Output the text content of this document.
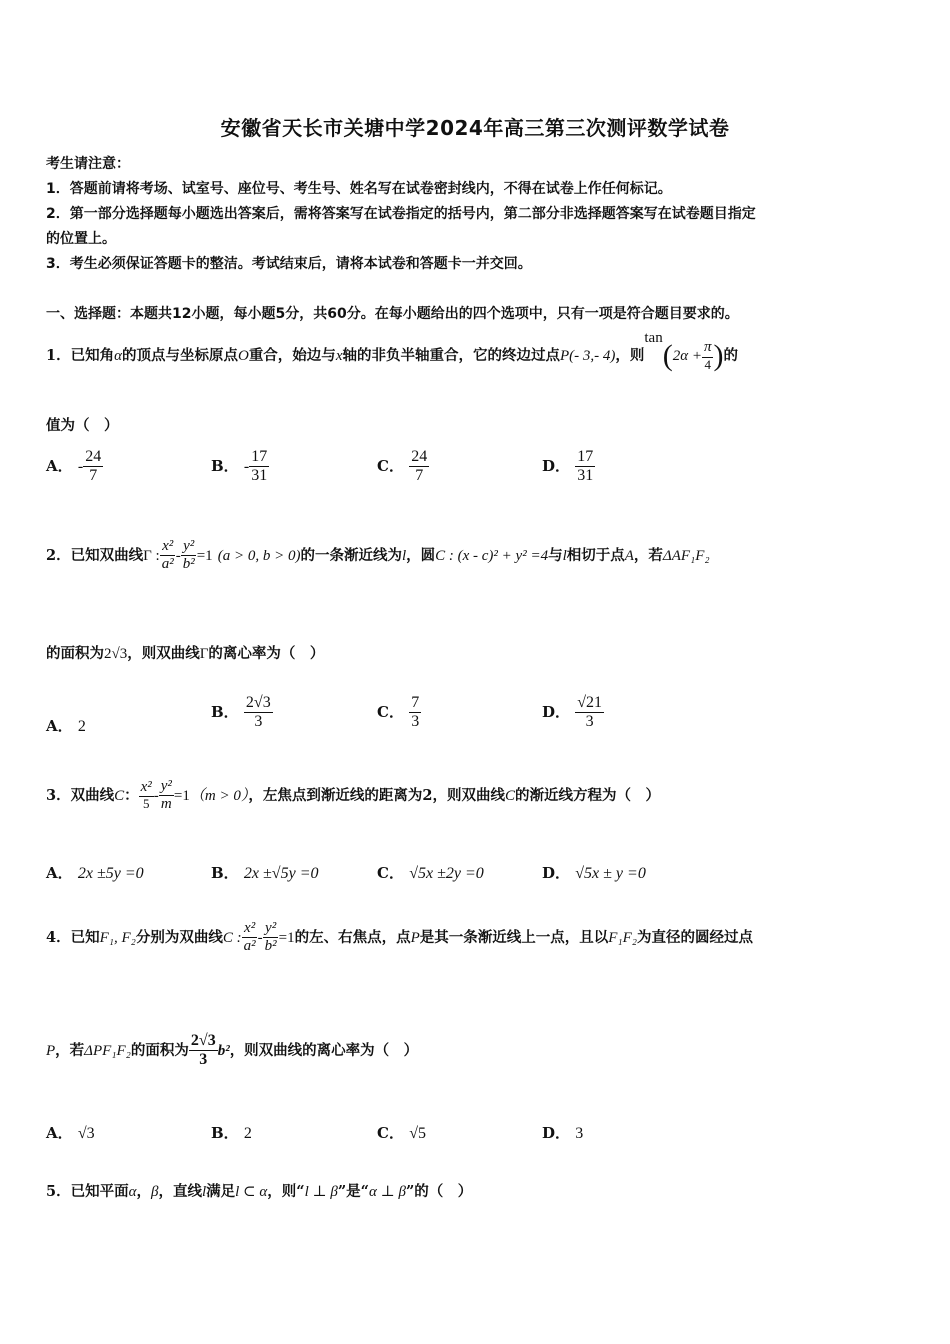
安徽省天长市关塘中学2024年高三第三次测评数学试卷
考生请注意：
1．答题前请将考场、试室号、座位号、考生号、姓名写在试卷密封线内，不得在试卷上作任何标记。
2．第一部分选择题每小题选出答案后，需将答案写在试卷指定的括号内，第二部分非选择题答案写在试卷题目指定
的位置上。
3．考生必须保证答题卡的整洁。考试结束后，请将本试卷和答题卡一并交回。
一、选择题：本题共12小题，每小题5分，共60分。在每小题给出的四个选项中，只有一项是符合题目要求的。
1．已知角α的顶点与坐标原点O重合，始边与x轴的非负半轴重合，它的终边过点P(- 3,- 4)，则$\tan(2\alpha + \frac{\pi}{4}$ )的
值为（　）
A． - $\frac{24}{7}$	B． - $\frac{17}{31}$	C． $\frac{24}{7}$	D． $\frac{17}{31}$
2．已知双曲线Γ : $\frac{\text{x²}}{\text{a²}} - \frac{\text{y²}}{\text{b²}} =1$ (a > 0, b > 0)的一条渐近线为l，圆C : (x - c)² + y² =4与l相切于点A，若ΔAF₁F₂
的面积为2√3，则双曲线Γ的离心率为（　）
A． 2
B． $\frac{2√3}{3}$	C． $\frac{7}{3}$	D． $\frac{√21}{3}$
3．双曲线C： $\frac{\text{x²}}{5} - \frac{\text{y²}}{m} =1(m > 0)$，左焦点到渐近线的距离为2，则双曲线C的渐近线方程为（　）
A． 2x ±5y =0	B． 2x ±√5y =0	C． √5x ±2y =0	D． √5x ± y =0
4．已知F₁, F₂分别为双曲线C : $\frac{\text{x²}}{\text{a²}} - \frac{\text{y²}}{\text{b²}} =1$的左、右焦点，点P是其一条渐近线上一点，且以F₁F₂为直径的圆经过点
P，若ΔPF₁F₂的面积为 $\frac{2√3}{3} b^2$，则双曲线的离心率为（　）
A． √3	B． 2	C． √5	D． 3
5．已知平面α，β，直线l满足l ⊂ α，则“l ⊥ β”是“α ⊥ β”的（　）
